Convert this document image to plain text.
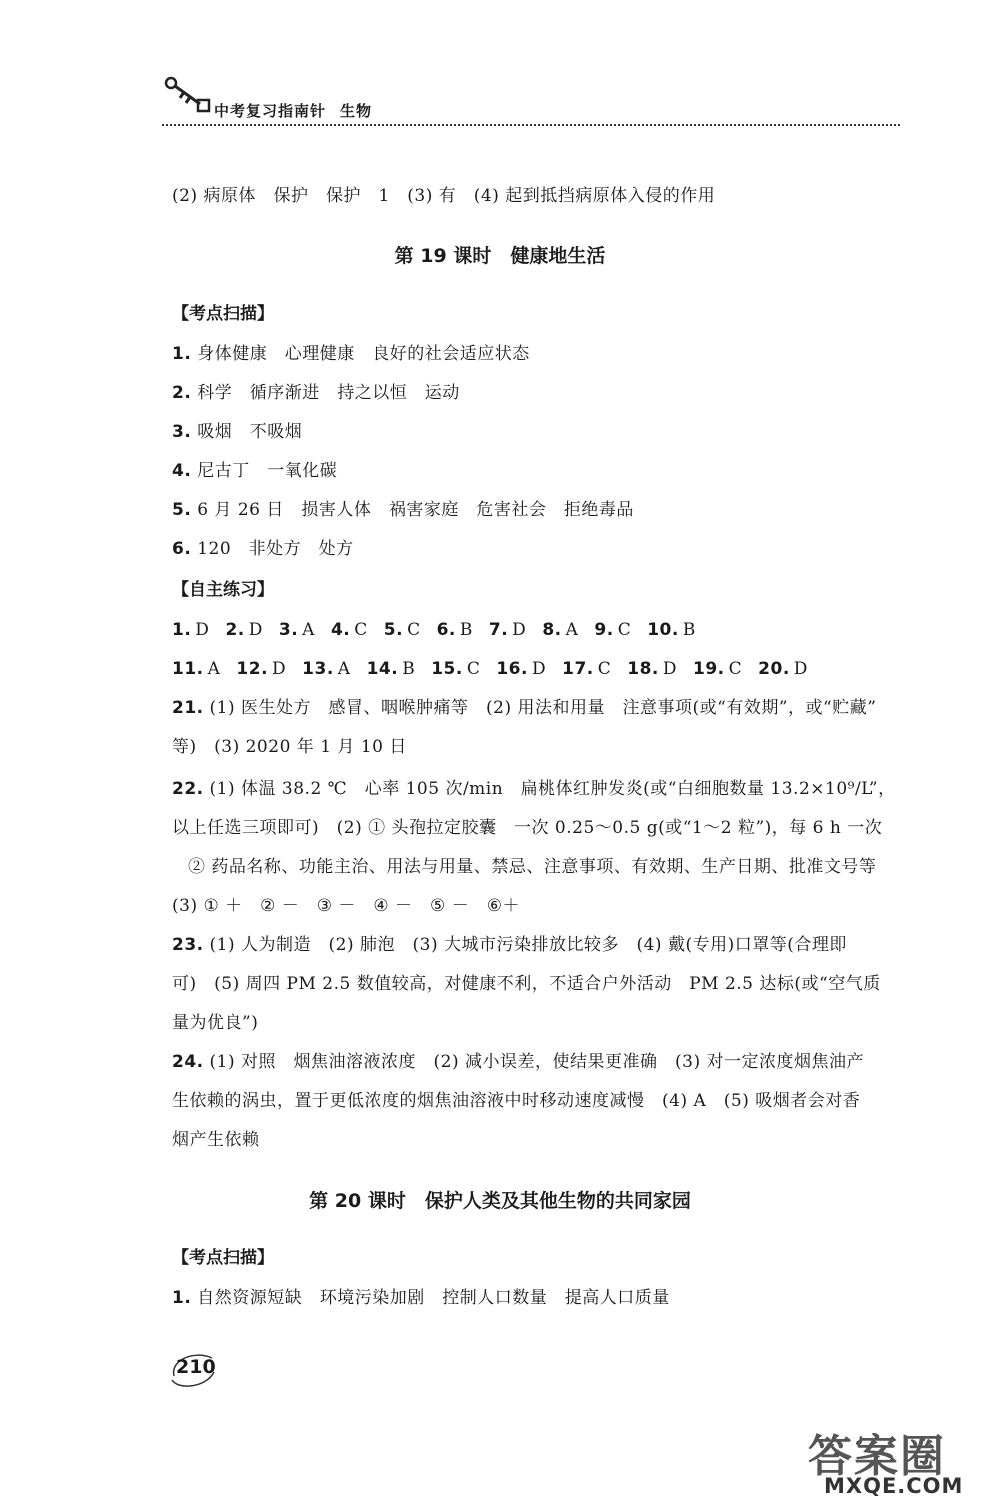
中考复习指南针 生物
(2) 病原体　保护　保护　1　(3) 有　(4) 起到抵挡病原体入侵的作用
第 19 课时　健康地生活
【考点扫描】
1. 身体健康　心理健康　良好的社会适应状态
2. 科学　循序渐进　持之以恒　运动
3. 吸烟　不吸烟
4. 尼古丁　一氧化碳
5. 6 月 26 日　损害人体　祸害家庭　危害社会　拒绝毒品
6. 120　非处方　处方
【自主练习】
1. D 2. D 3. A 4. C 5. C 6. B 7. D 8. A 9. C 10. B
11. A 12. D 13. A 14. B 15. C 16. D 17. C 18. D 19. C 20. D
21. (1) 医生处方　感冒、咽喉肿痛等　(2) 用法和用量　注意事项(或“有效期”，或“贮藏”
等)　(3) 2020 年 1 月 10 日
22. (1) 体温 38.2 ℃　心率 105 次/min　扁桃体红肿发炎(或“白细胞数量 13.2×10⁹/L”，
以上任选三项即可)　(2) ① 头孢拉定胶囊　一次 0.25～0.5 g(或“1～2 粒”)，每 6 h 一次
② 药品名称、功能主治、用法与用量、禁忌、注意事项、有效期、生产日期、批准文号等
(3) ① ＋　② －　③ －　④ －　⑤ －　⑥＋
23. (1) 人为制造　(2) 肺泡　(3) 大城市污染排放比较多　(4) 戴(专用)口罩等(合理即
可)　(5) 周四 PM 2.5 数值较高，对健康不利，不适合户外活动　PM 2.5 达标(或“空气质
量为优良”)
24. (1) 对照　烟焦油溶液浓度　(2) 减小误差，使结果更准确　(3) 对一定浓度烟焦油产
生依赖的涡虫，置于更低浓度的烟焦油溶液中时移动速度减慢　(4) A　(5) 吸烟者会对香
烟产生依赖
第 20 课时　保护人类及其他生物的共同家园
【考点扫描】
1. 自然资源短缺　环境污染加剧　控制人口数量　提高人口质量
210
答案圈
MXQE.COM
